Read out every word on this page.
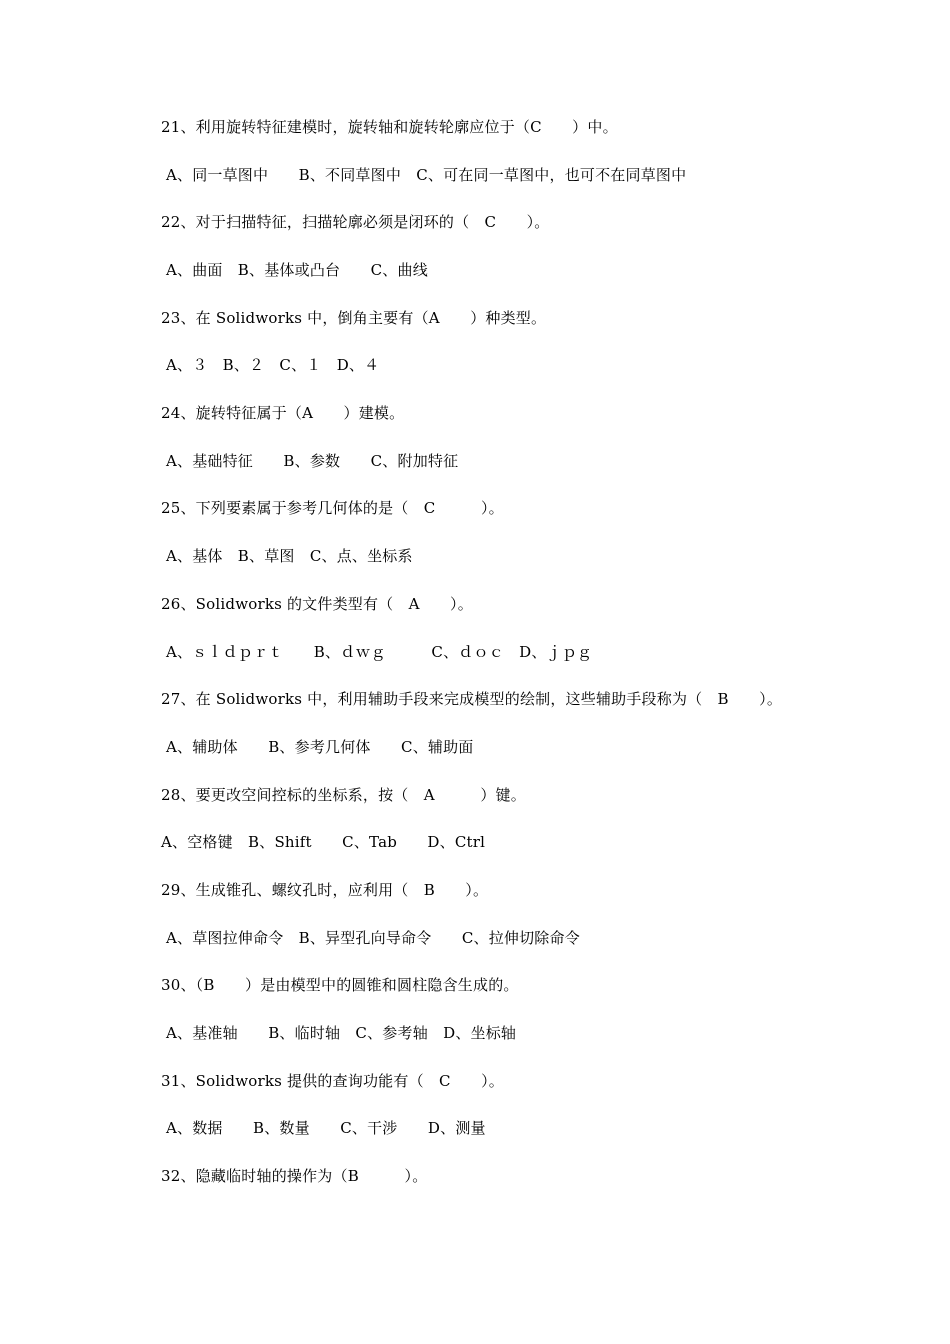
21、利用旋转特征建模时，旋转轴和旋转轮廓应位于（C　　）中。
A、同一草图中　　B、不同草图中　C、可在同一草图中，也可不在同草图中
22、对于扫描特征，扫描轮廓必须是闭环的（　C　　）。
A、曲面　B、基体或凸台　　C、曲线
23、在 Solidworks 中，倒角主要有（A　　）种类型。
A、３　B、２　C、１　D、４
24、旋转特征属于（A　　）建模。
A、基础特征　　B、参数　　C、附加特征
25、下列要素属于参考几何体的是（　C　　　）。
A、基体　B、草图　C、点、坐标系
26、Solidworks 的文件类型有（　A　　）。
A、ｓｌｄｐｒｔ　　B、ｄｗｇ　　　C、ｄｏｃ　D、ｊｐｇ
27、在 Solidworks 中，利用辅助手段来完成模型的绘制，这些辅助手段称为（　B　　）。
A、辅助体　　B、参考几何体　　C、辅助面
28、要更改空间控标的坐标系，按（　A　　　）键。
A、空格键　B、Shift　　C、Tab　　D、Ctrl
29、生成锥孔、螺纹孔时，应利用（　B　　）。
A、草图拉伸命令　B、异型孔向导命令　　C、拉伸切除命令
30、（B　　）是由模型中的圆锥和圆柱隐含生成的。
A、基准轴　　B、临时轴　C、参考轴　D、坐标轴
31、Solidworks 提供的查询功能有（　C　　）。
A、数据　　B、数量　　C、干涉　　D、测量
32、隐藏临时轴的操作为（B　　　）。
